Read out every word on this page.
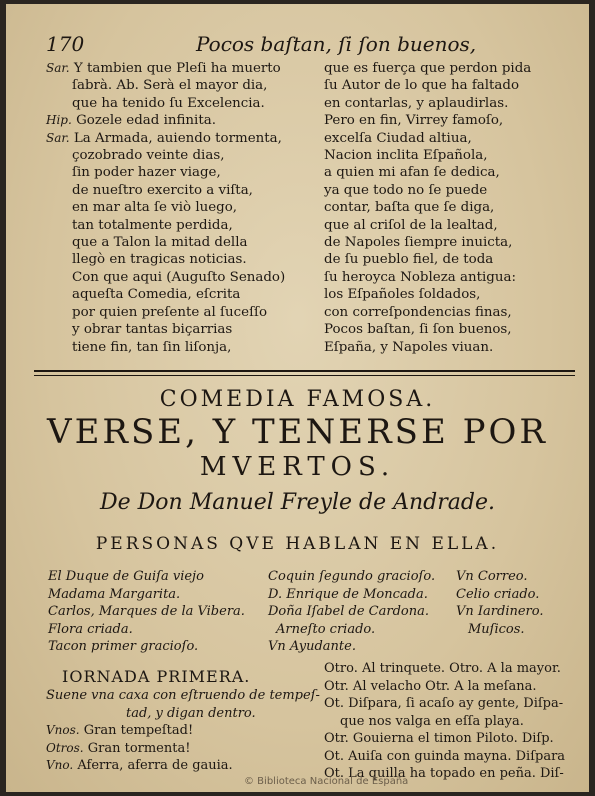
170	Pocos baſtan, ſi ſon buenos,
Sar. Y tambien que Pleſi ha muerto
ſabrà. Ab. Serà el mayor dia,
que ha tenido ſu Excelencia.
Hip. Gozele edad infinita.
Sar. La Armada, auiendo tormenta,
çozobrado veinte dias,
ſin poder hazer viage,
de nueſtro exercito a viſta,
en mar alta ſe viò luego,
tan totalmente perdida,
que a Talon la mitad della
llegò en tragicas noticias.
Con que aqui (Auguſto Senado)
aqueſta Comedia, eſcrita
por quien preſente al ſuceſſo
y obrar tantas biçarrias
tiene fin, tan ſin liſonja,
que es fuerça que perdon pida
ſu Autor de lo que ha faltado
en contarlas, y aplaudirlas.
Pero en fin, Virrey famoſo,
excelſa Ciudad altiua,
Nacion inclita Eſpañola,
a quien mi afan ſe dedica,
ya que todo no ſe puede
contar, baſta que ſe diga,
que al criſol de la lealtad,
de Napoles ſiempre inuicta,
de ſu pueblo fiel, de toda
ſu heroyca Nobleza antigua:
los Eſpañoles ſoldados,
con correſpondencias finas,
Pocos baſtan, ſi ſon buenos,
Eſpaña, y Napoles viuan.
COMEDIA FAMOSA.
VERSE, Y TENERSE POR
MVERTOS.
De Don Manuel Freyle de Andrade.
PERSONAS QVE HABLAN EN ELLA.
El Duque de Guiſa viejo
Madama Margarita.
Carlos, Marques de la Vibera.
Flora criada.
Tacon primer gracioſo.
Coquin ſegundo gracioſo.
D. Enrique de Moncada.
Doña Iſabel de Cardona.
Arneſto criado.
Vn Ayudante.
Vn Correo.
Celio criado.
Vn Iardinero.
Muſicos.
IORNADA PRIMERA.
Suene vna caxa con eſtruendo de tempeſ-
tad, y digan dentro.
Vnos. Gran tempeſtad!
Otros. Gran tormenta!
Vno. Aferra, aferra de gauia.
Otro. Al trinquete. Otro. A la mayor.
Otr. Al velacho Otr. A la meſana.
Ot. Diſpara, ſi acaſo ay gente, Diſpa-
que nos valga en eſſa playa.
Otr. Gouierna el timon Piloto. Diſp.
Ot. Auiſa con guinda mayna. Diſpara
Ot. La quilla ha topado en peña. Diſ-
© Biblioteca Nacional de España
